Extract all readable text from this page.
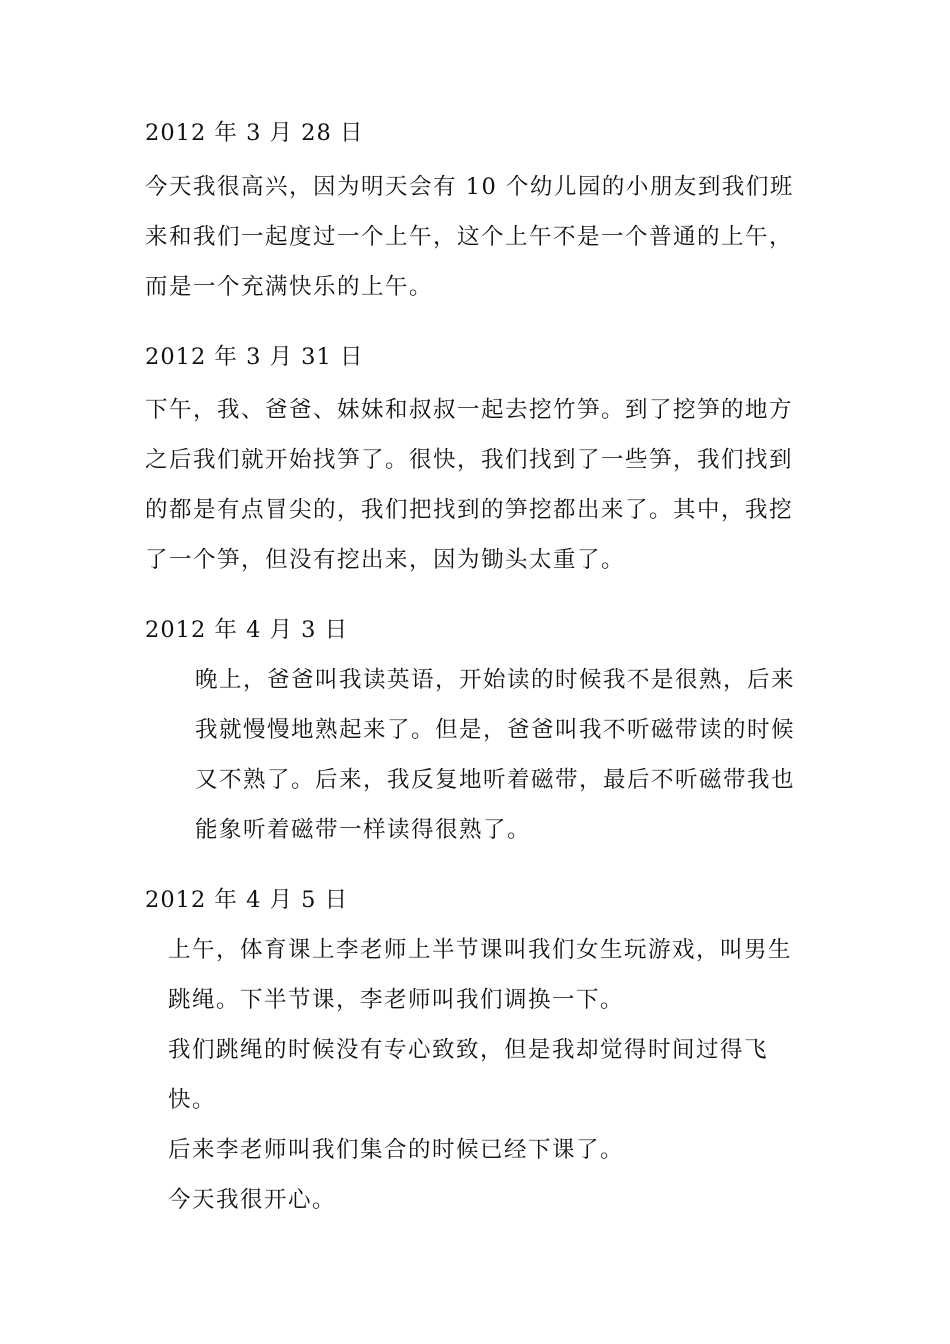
2012 年 3 月 28 日
今天我很高兴，因为明天会有 10 个幼儿园的小朋友到我们班
来和我们一起度过一个上午，这个上午不是一个普通的上午，
而是一个充满快乐的上午。
2012 年 3 月 31 日
下午，我、爸爸、妹妹和叔叔一起去挖竹笋。到了挖笋的地方
之后我们就开始找笋了。很快，我们找到了一些笋，我们找到
的都是有点冒尖的，我们把找到的笋挖都出来了。其中，我挖
了一个笋，但没有挖出来，因为锄头太重了。
2012 年 4 月 3 日
晚上，爸爸叫我读英语，开始读的时候我不是很熟，后来
我就慢慢地熟起来了。但是，爸爸叫我不听磁带读的时候
又不熟了。后来，我反复地听着磁带，最后不听磁带我也
能象听着磁带一样读得很熟了。
2012 年 4 月 5 日
上午，体育课上李老师上半节课叫我们女生玩游戏，叫男生
跳绳。下半节课，李老师叫我们调换一下。
我们跳绳的时候没有专心致致，但是我却觉得时间过得飞
快。
后来李老师叫我们集合的时候已经下课了。
今天我很开心。
